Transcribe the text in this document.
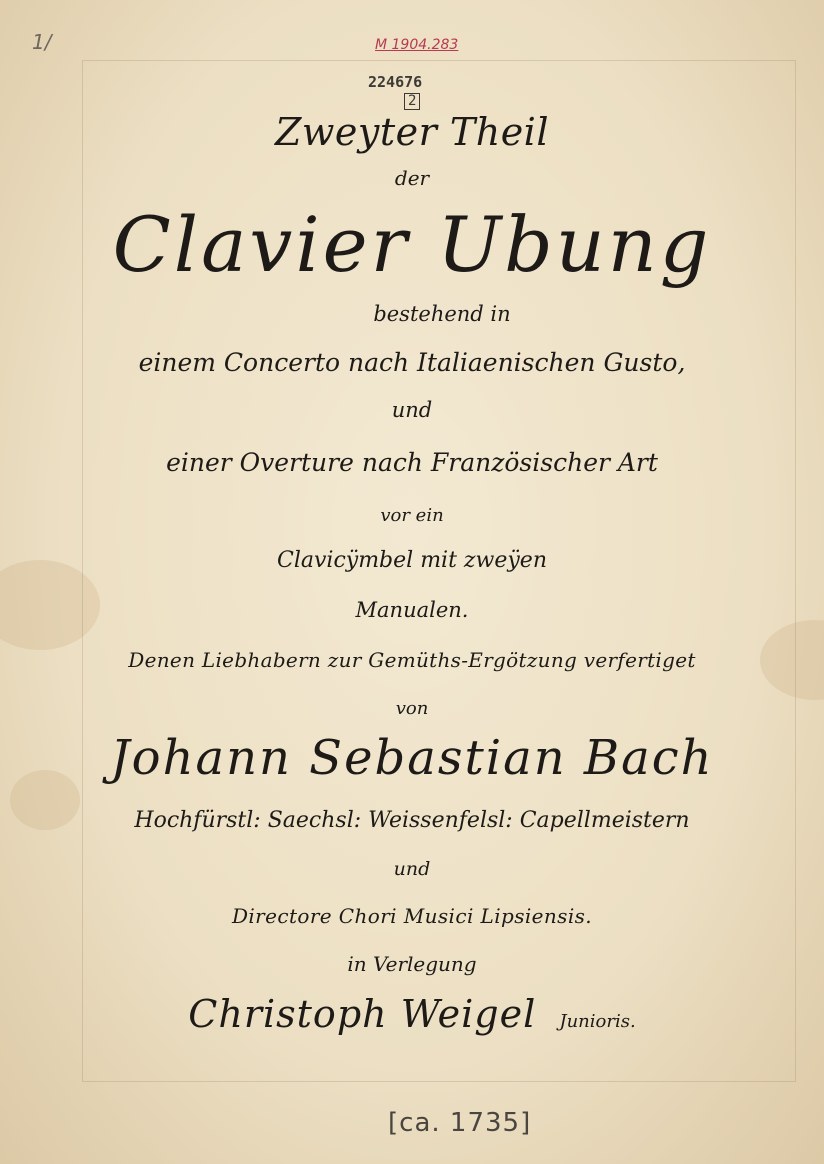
1/	M 1904.283
224676
2
[ca. 1735]
Zweyter Theil
der
Clavier Ubung
bestehend in
einem Concerto nach Italiaenischen Gusto,
und
einer Overture nach Französischer Art
vor ein
Clavicÿmbel mit zweÿen
Manualen.
Denen Liebhabern zur Gemüths-Ergötzung verfertiget
von
Johann Sebastian Bach
Hochfürstl: Saechsl: Weissenfelsl: Capellmeistern
und
Directore Chori Musici Lipsiensis.
in Verlegung
Christoph Weigel Junioris.
